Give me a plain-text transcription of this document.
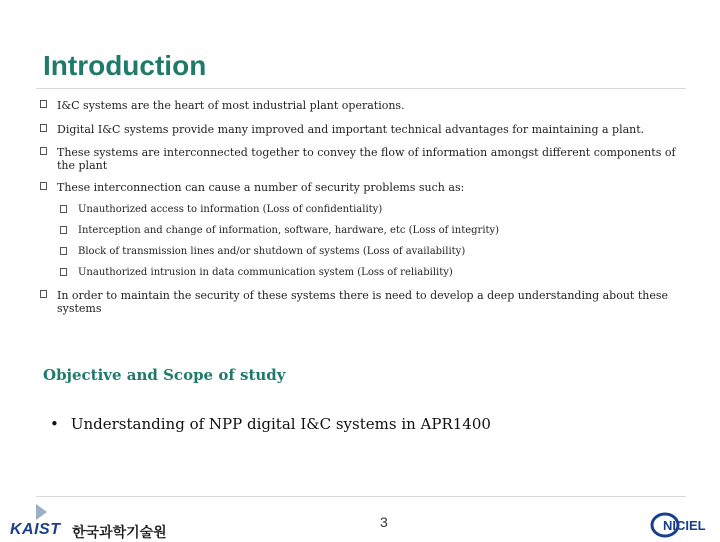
Introduction
I&C systems are the heart of most industrial plant operations.
Digital I&C systems provide many improved and important technical advantages for maintaining a plant.
These systems are interconnected together to convey the flow of information amongst different components of the plant
These interconnection can cause a number of security problems such as:
Unauthorized access to information (Loss of confidentiality)
Interception and change of information, software, hardware, etc (Loss of integrity)
Block of transmission lines and/or shutdown of systems (Loss of availability)
Unauthorized intrusion in data communication system (Loss of reliability)
In order to maintain the security of these systems there is need to develop a deep understanding about these systems
Objective and Scope of study
• Understanding of NPP digital I&C systems in APR1400
3
KAIST 한국과학기술원	NICIEL
